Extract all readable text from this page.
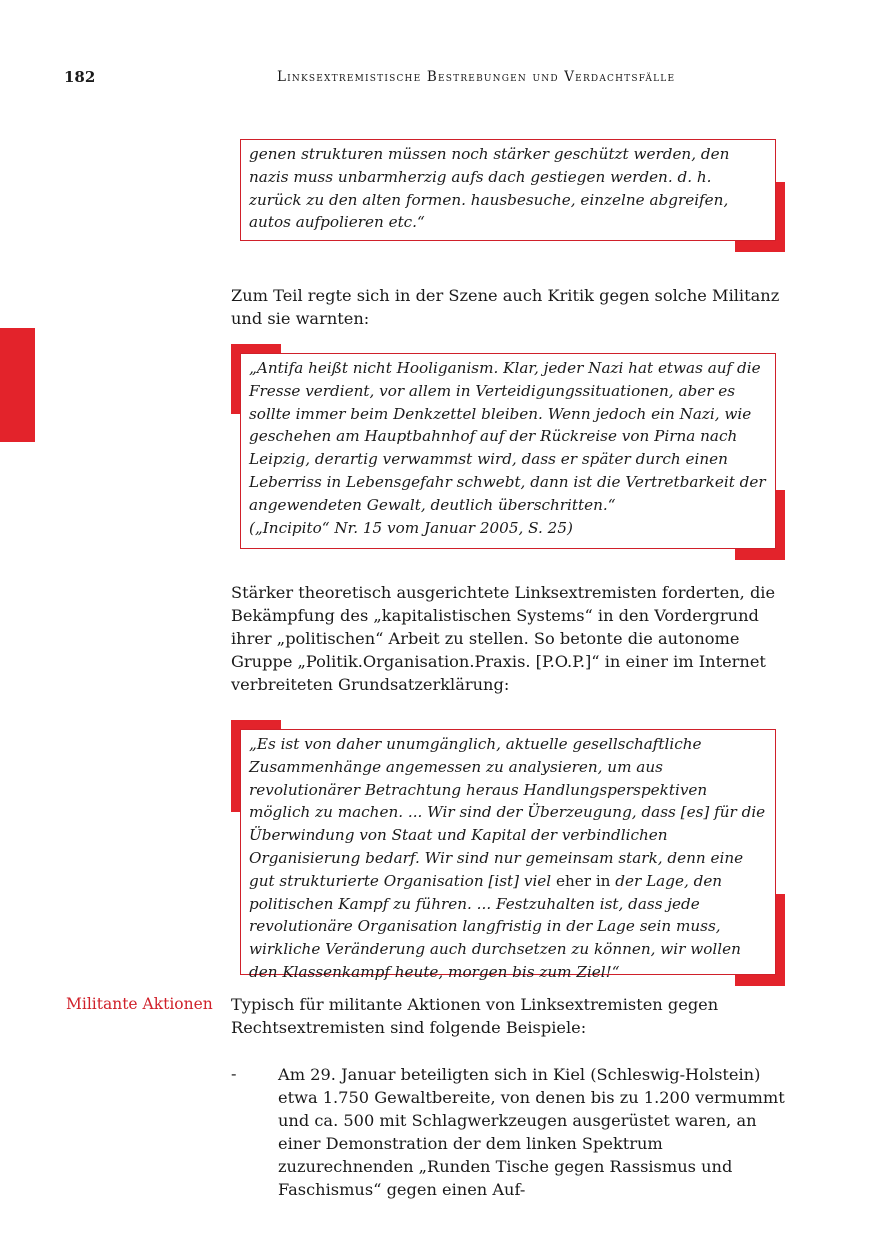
182	Linksextremistische Bestrebungen und Verdachtsfälle
genen strukturen müssen noch stärker geschützt werden, den nazis muss unbarmherzig aufs dach gestiegen werden. d. h. zurück zu den alten formen. hausbesuche, einzelne abgreifen, autos aufpolieren etc.“

Zum Teil regte sich in der Szene auch Kritik gegen solche Militanz und sie warnten:

„Antifa heißt nicht Hooliganism. Klar, jeder Nazi hat etwas auf die Fresse verdient, vor allem in Verteidigungssituationen, aber es sollte immer beim Denkzettel bleiben. Wenn jedoch ein Nazi, wie geschehen am Hauptbahnhof auf der Rückreise von Pirna nach Leipzig, derartig verwammst wird, dass er später durch einen Leberriss in Lebensgefahr schwebt, dann ist die Vertretbarkeit der angewendeten Gewalt, deutlich überschritten.“
(„Incipito“ Nr. 15 vom Januar 2005, S. 25)

Stärker theoretisch ausgerichtete Linksextremisten forderten, die Bekämpfung des „kapitalistischen Systems“ in den Vordergrund ihrer „politischen“ Arbeit zu stellen. So betonte die autonome Gruppe „Politik.Organisation.Praxis. [P.O.P.]“ in einer im Internet verbreiteten Grundsatzerklärung:

„Es ist von daher unumgänglich, aktuelle gesellschaftliche Zusammenhänge angemessen zu analysieren, um aus revolutionärer Betrachtung heraus Handlungsperspektiven möglich zu machen. ... Wir sind der Überzeugung, dass [es] für die Überwindung von Staat und Kapital der verbindlichen Organisierung bedarf. Wir sind nur gemeinsam stark, denn eine gut strukturierte Organisation [ist] viel eher in der Lage, den politischen Kampf zu führen. ... Festzuhalten ist, dass jede revolutionäre Organisation langfristig in der Lage sein muss, wirkliche Veränderung auch durchsetzen zu können, wir wollen den Klassenkampf heute, morgen bis zum Ziel!“
Militante Aktionen Typisch für militante Aktionen von Linksextremisten gegen Rechtsextremisten sind folgende Beispiele:

-	Am 29. Januar beteiligten sich in Kiel (Schleswig-Holstein) etwa 1.750 Gewaltbereite, von denen bis zu 1.200 vermummt und ca. 500 mit Schlagwerkzeugen ausgerüstet waren, an einer Demonstration der dem linken Spektrum zuzurechnenden „Runden Tische gegen Rassismus und Faschismus“ gegen einen Auf-
